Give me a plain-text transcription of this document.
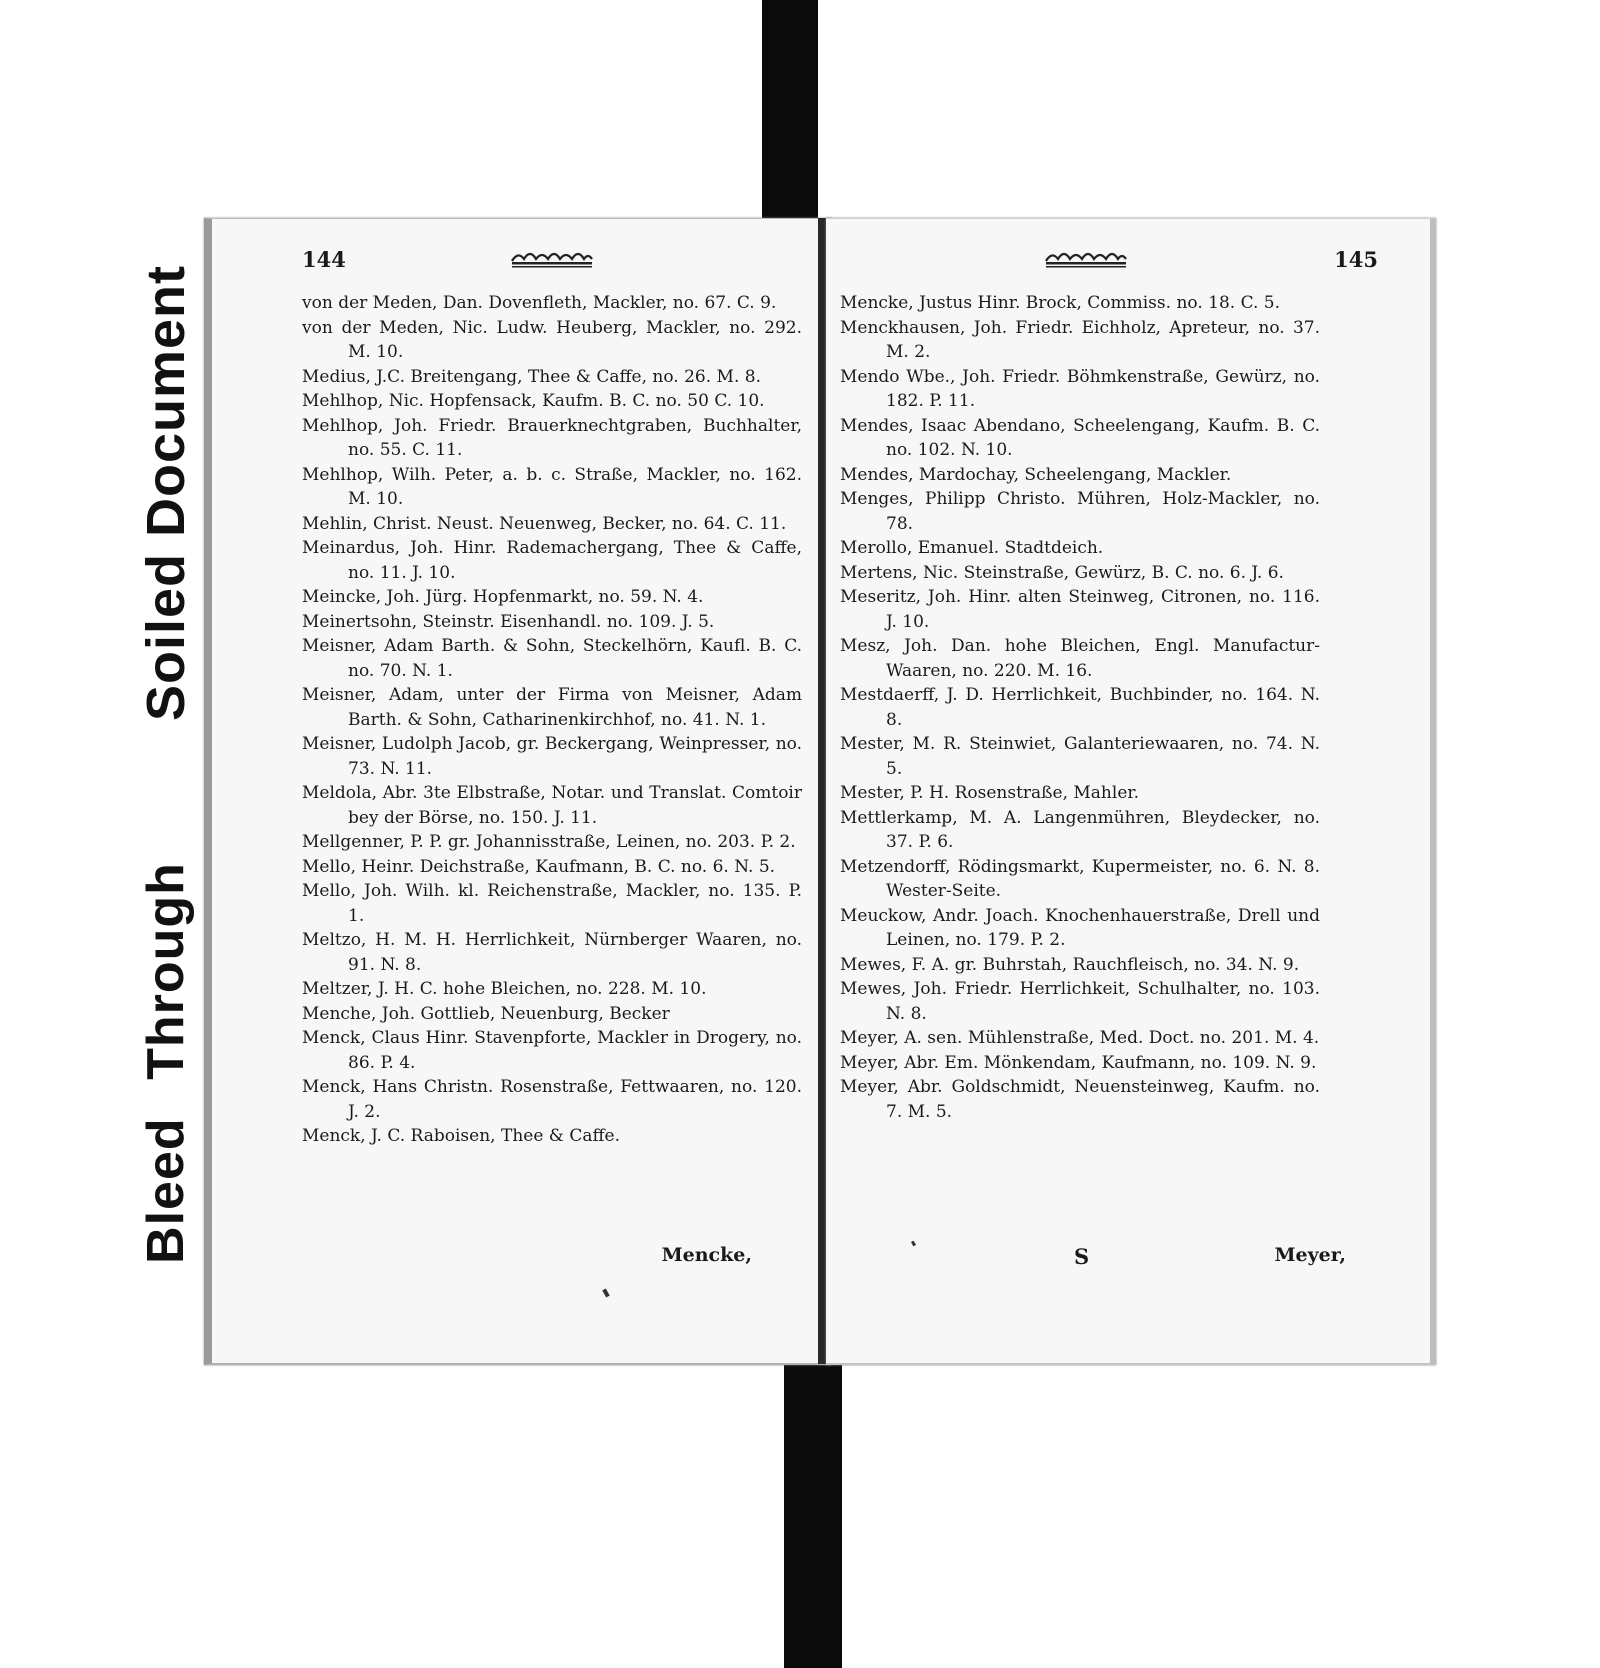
Soiled Document
Bleed Through
144
von der Meden, Dan. Dovenfleth, Mackler, no. 67. C. 9.
von der Meden, Nic. Ludw. Heuberg, Mackler, no. 292. M. 10.
Medius, J.C. Breitengang, Thee & Caffe, no. 26. M. 8.
Mehlhop, Nic. Hopfensack, Kaufm. B. C. no. 50 C. 10.
Mehlhop, Joh. Friedr. Brauerknechtgraben, Buchhalter, no. 55. C. 11.
Mehlhop, Wilh. Peter, a. b. c. Straße, Mackler, no. 162. M. 10.
Mehlin, Christ. Neust. Neuenweg, Becker, no. 64. C. 11.
Meinardus, Joh. Hinr. Rademachergang, Thee & Caffe, no. 11. J. 10.
Meincke, Joh. Jürg. Hopfenmarkt, no. 59. N. 4.
Meinertsohn, Steinstr. Eisenhandl. no. 109. J. 5.
Meisner, Adam Barth. & Sohn, Steckelhörn, Kaufl. B. C. no. 70. N. 1.
Meisner, Adam, unter der Firma von Meisner, Adam Barth. & Sohn, Catharinenkirchhof, no. 41. N. 1.
Meisner, Ludolph Jacob, gr. Beckergang, Weinpresser, no. 73. N. 11.
Meldola, Abr. 3te Elbstraße, Notar. und Translat. Comtoir bey der Börse, no. 150. J. 11.
Mellgenner, P. P. gr. Johannisstraße, Leinen, no. 203. P. 2.
Mello, Heinr. Deichstraße, Kaufmann, B. C. no. 6. N. 5.
Mello, Joh. Wilh. kl. Reichenstraße, Mackler, no. 135. P. 1.
Meltzo, H. M. H. Herrlichkeit, Nürnberger Waaren, no. 91. N. 8.
Meltzer, J. H. C. hohe Bleichen, no. 228. M. 10.
Menche, Joh. Gottlieb, Neuenburg, Becker
Menck, Claus Hinr. Stavenpforte, Mackler in Drogery, no. 86. P. 4.
Menck, Hans Christn. Rosenstraße, Fettwaaren, no. 120. J. 2.
Menck, J. C. Raboisen, Thee & Caffe.
Mencke,
145
Mencke, Justus Hinr. Brock, Commiss. no. 18. C. 5.
Menckhausen, Joh. Friedr. Eichholz, Apreteur, no. 37. M. 2.
Mendo Wbe., Joh. Friedr. Böhmkenstraße, Gewürz, no. 182. P. 11.
Mendes, Isaac Abendano, Scheelengang, Kaufm. B. C. no. 102. N. 10.
Mendes, Mardochay, Scheelengang, Mackler.
Menges, Philipp Christo. Mühren, Holz-Mackler, no. 78.
Merollo, Emanuel. Stadtdeich.
Mertens, Nic. Steinstraße, Gewürz, B. C. no. 6. J. 6.
Meseritz, Joh. Hinr. alten Steinweg, Citronen, no. 116. J. 10.
Mesz, Joh. Dan. hohe Bleichen, Engl. Manufactur-Waaren, no. 220. M. 16.
Mestdaerff, J. D. Herrlichkeit, Buchbinder, no. 164. N. 8.
Mester, M. R. Steinwiet, Galanteriewaaren, no. 74. N. 5.
Mester, P. H. Rosenstraße, Mahler.
Mettlerkamp, M. A. Langenmühren, Bleydecker, no. 37. P. 6.
Metzendorff, Rödingsmarkt, Kupermeister, no. 6. N. 8. Wester-Seite.
Meuckow, Andr. Joach. Knochenhauerstraße, Drell und Leinen, no. 179. P. 2.
Mewes, F. A. gr. Buhrstah, Rauchfleisch, no. 34. N. 9.
Mewes, Joh. Friedr. Herrlichkeit, Schulhalter, no. 103. N. 8.
Meyer, A. sen. Mühlenstraße, Med. Doct. no. 201. M. 4.
Meyer, Abr. Em. Mönkendam, Kaufmann, no. 109. N. 9.
Meyer, Abr. Goldschmidt, Neuensteinweg, Kaufm. no. 7. M. 5.
S	Meyer,
